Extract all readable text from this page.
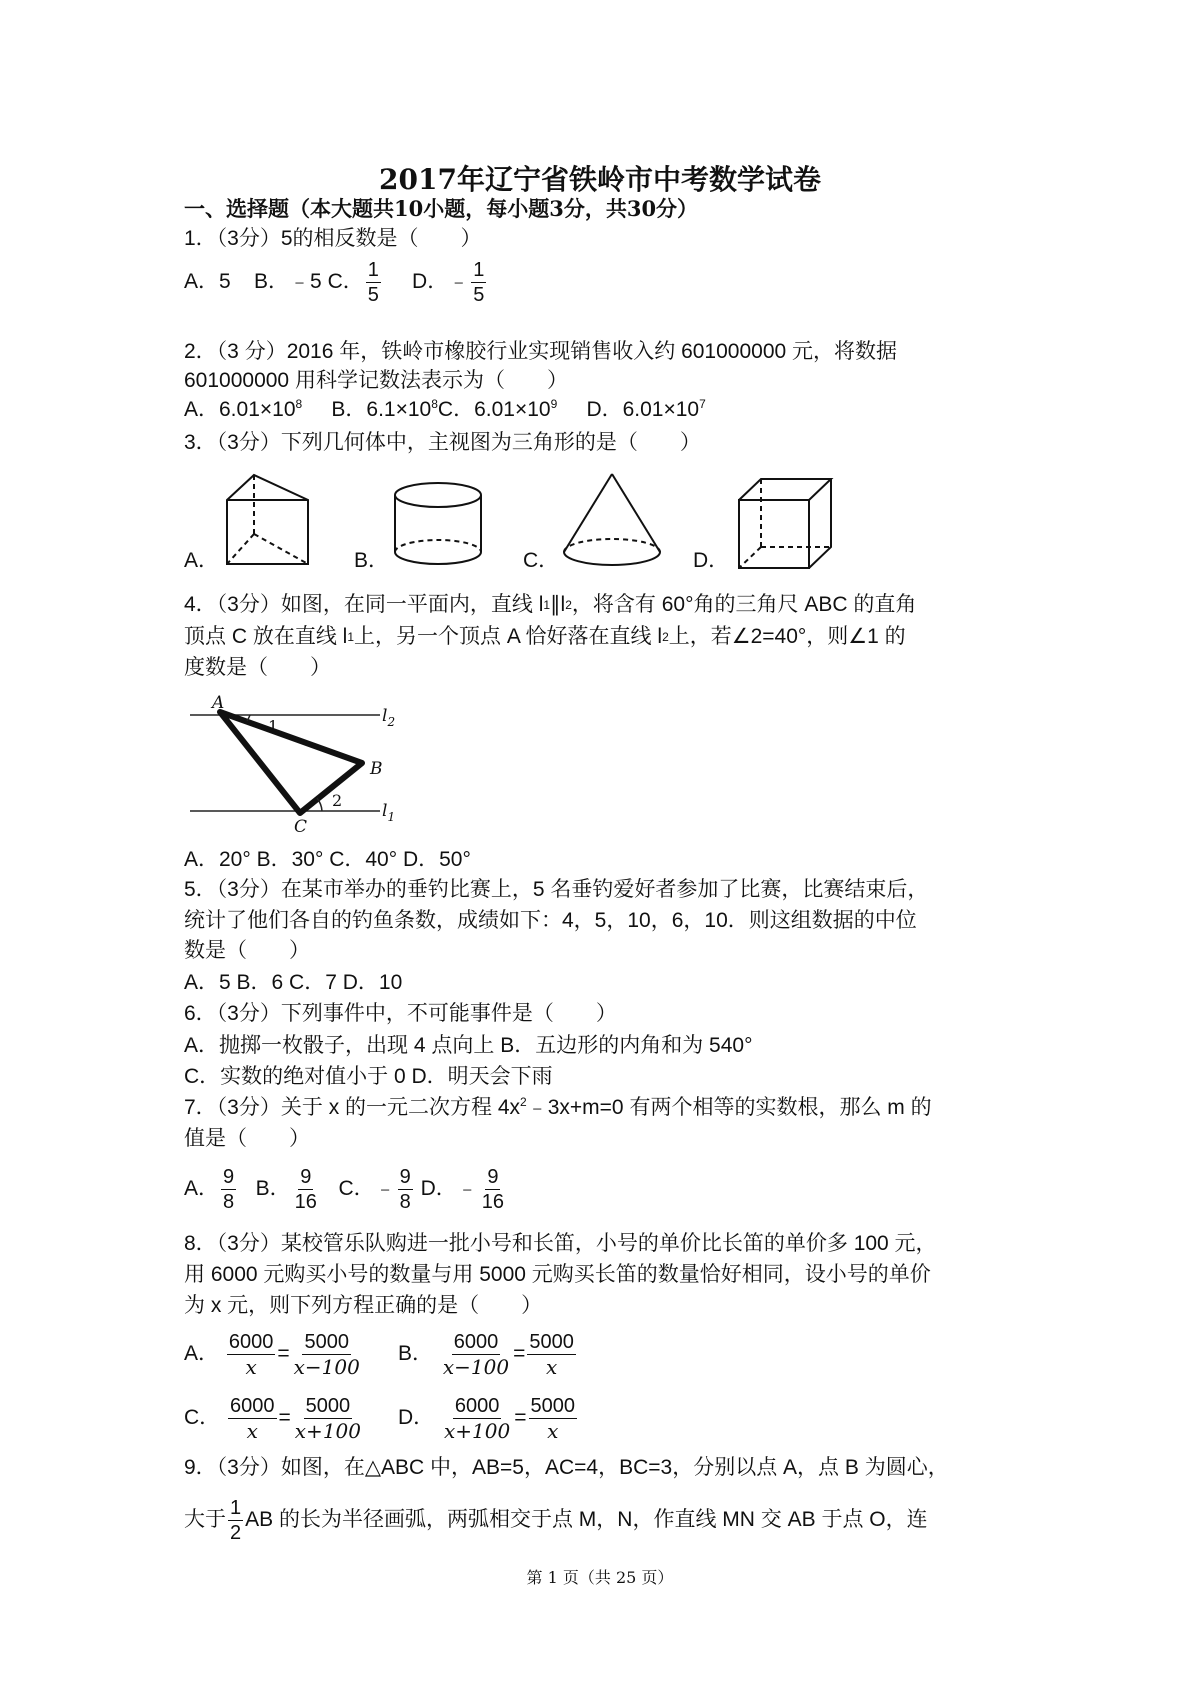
2017年辽宁省铁岭市中考数学试卷
一、选择题（本大题共10小题，每小题3分，共30分）
1．（3分）5的相反数是（　　）
A．5 B．﹣5 C． $\frac{1}{5}$ D．﹣ $\frac{1}{5}$
2．（3 分）2016 年，铁岭市橡胶行业实现销售收入约 601000000 元，将数据
601000000 用科学记数法表示为（　　）
A．$6.01\times 10^8$ B．$6.1\times 10^8C$．$6.01\times 10^9$ D．$6.01\times 10^7$
3．（3分）下列几何体中，主视图为三角形的是（　　）
A．	B．	C．	D．
4．（3分）如图，在同一平面内，直线 l1∥l2，将含有 60°角的三角尺 ABC 的直角
顶点 C 放在直线 l1上，另一个顶点 A 恰好落在直线 l2上，若∠2=40°，则∠1 的
度数是（　　）
A
B
C
$l_2$
$l_1$
1
2
A．20° B．30° C．40° D．50°
5．（3分）在某市举办的垂钓比赛上，5 名垂钓爱好者参加了比赛，比赛结束后，
统计了他们各自的钓鱼条数，成绩如下：4，5，10，6，10．则这组数据的中位
数是（　　）
A．5 B．6 C．7 D．10
6．（3分）下列事件中，不可能事件是（　　）
A．抛掷一枚骰子，出现 4 点向上 B．五边形的内角和为 540°
C．实数的绝对值小于 0 D．明天会下雨
7．（3分）关于 x 的一元二次方程 $4x^2﹣3x+m=0$ 有两个相等的实数根，那么 m 的
值是（　　）
A． $\frac{9}{8}$ B． $\frac{9}{16}$ C．﹣ $\frac{9}{8}$ D．﹣ $\frac{9}{16}$
8．（3分）某校管乐队购进一批小号和长笛，小号的单价比长笛的单价多 100 元，
用 6000 元购买小号的数量与用 5000 元购买长笛的数量恰好相同，设小号的单价
为 x 元，则下列方程正确的是（　　）
A． $\frac{6000}{x} = \frac{5000}{x-100}$ B． $\frac{6000}{x-100} = \frac{5000}{x}$
C． $\frac{6000}{x} = \frac{5000}{x+100}$ D． $\frac{6000}{x+100} = \frac{5000}{x}$
9．（3分）如图，在△ABC 中，AB=5，AC=4，BC=3，分别以点 A，点 B 为圆心，
大于 $\frac{1}{2}$ AB 的长为半径画弧，两弧相交于点 M，N，作直线 MN 交 AB 于点 O，连
第 1 页（共 25 页）
